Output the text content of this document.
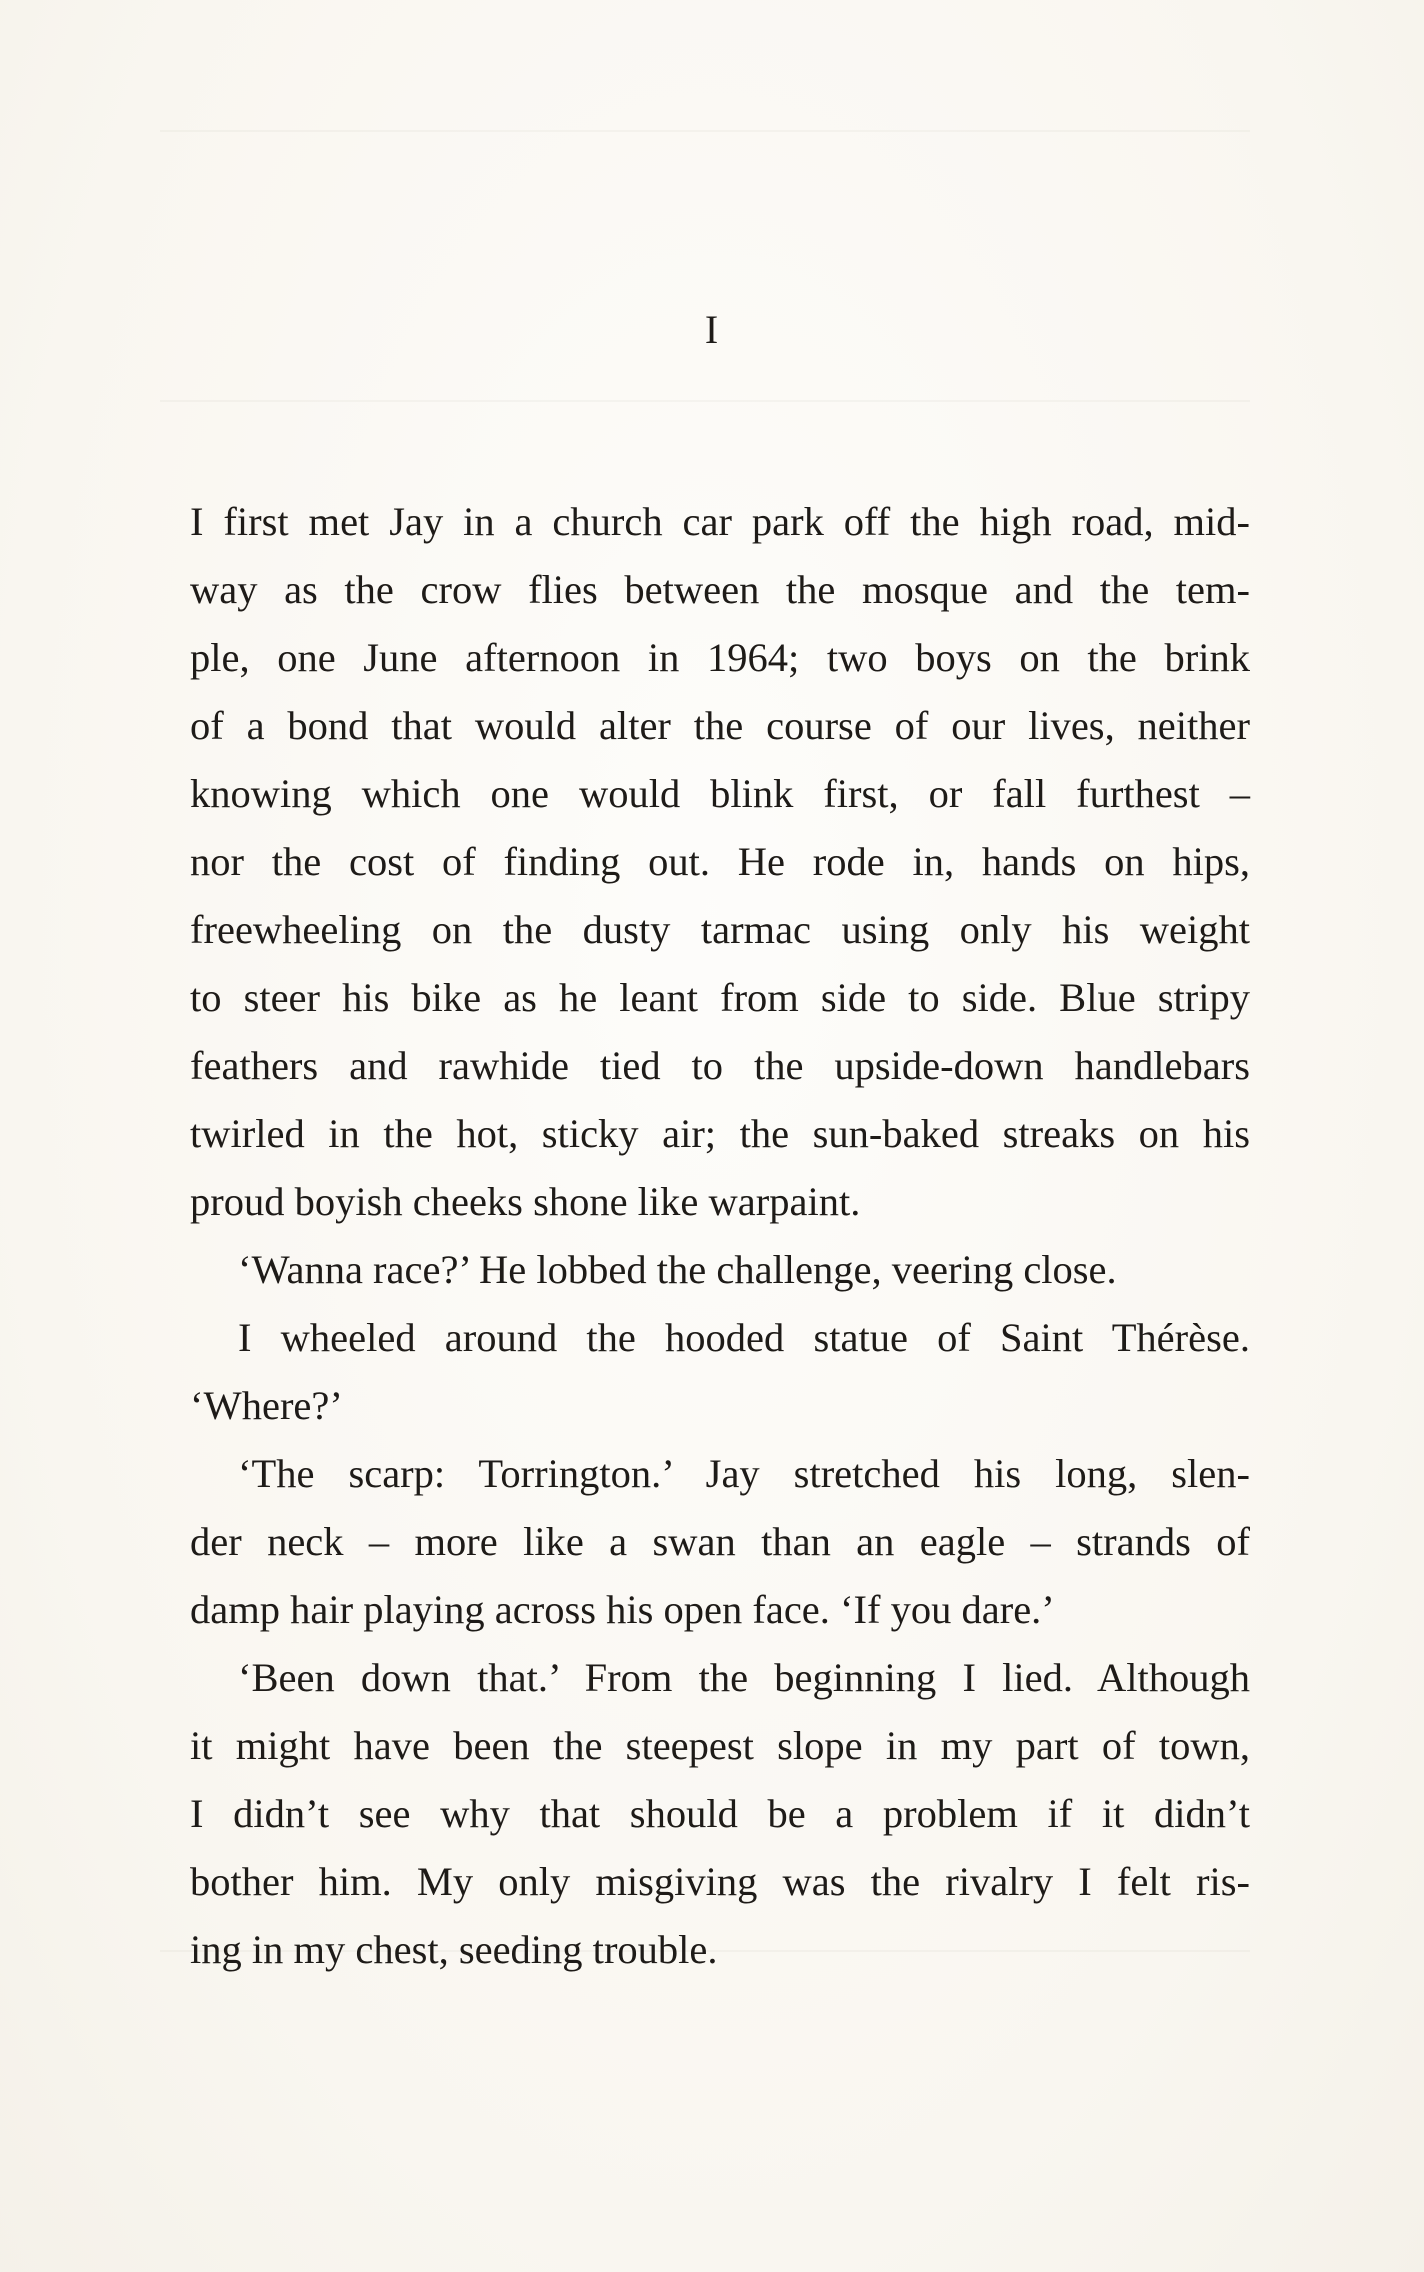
I
I first met Jay in a church car park off the high road, mid-
way as the crow flies between the mosque and the tem-
ple, one June afternoon in 1964; two boys on the brink
of a bond that would alter the course of our lives, neither
knowing which one would blink first, or fall furthest –
nor the cost of finding out. He rode in, hands on hips,
freewheeling on the dusty tarmac using only his weight
to steer his bike as he leant from side to side. Blue stripy
feathers and rawhide tied to the upside-down handlebars
twirled in the hot, sticky air; the sun-baked streaks on his
proud boyish cheeks shone like warpaint.
‘Wanna race?’ He lobbed the challenge, veering close.
I wheeled around the hooded statue of Saint Thérèse.
‘Where?’
‘The scarp: Torrington.’ Jay stretched his long, slen-
der neck – more like a swan than an eagle – strands of
damp hair playing across his open face. ‘If you dare.’
‘Been down that.’ From the beginning I lied. Although
it might have been the steepest slope in my part of town,
I didn’t see why that should be a problem if it didn’t
bother him. My only misgiving was the rivalry I felt ris-
ing in my chest, seeding trouble.
